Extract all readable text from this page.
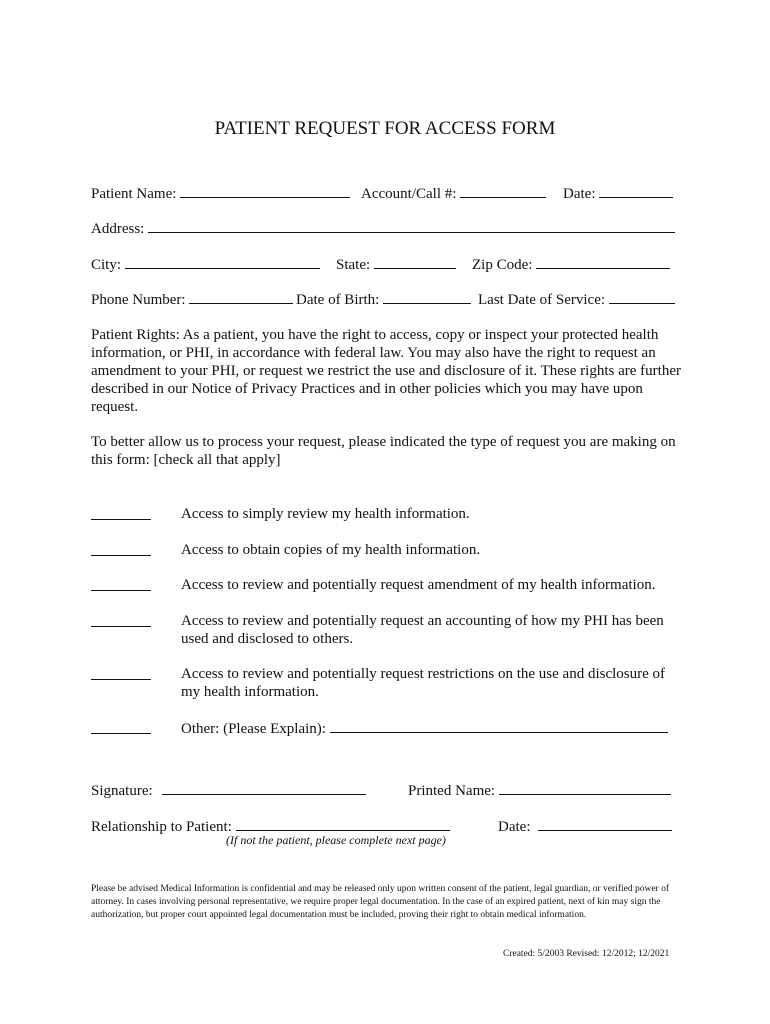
PATIENT REQUEST FOR ACCESS FORM
Patient Name:	Account/Call #:	Date:
Address:
City:	State:	Zip Code:
Phone Number:	Date of Birth:	Last Date of Service:
Patient Rights: As a patient, you have the right to access, copy or inspect your protected health information, or PHI, in accordance with federal law. You may also have the right to request an amendment to your PHI, or request we restrict the use and disclosure of it. These rights are further described in our Notice of Privacy Practices and in other policies which you may have upon request.
To better allow us to process your request, please indicated the type of request you are making on this form: [check all that apply]
Access to simply review my health information.
Access to obtain copies of my health information.
Access to review and potentially request amendment of my health information.
Access to review and potentially request an accounting of how my PHI has been used and disclosed to others.
Access to review and potentially request restrictions on the use and disclosure of my health information.
Other: (Please Explain):
Signature:	Printed Name:
Relationship to Patient:	Date:
(If not the patient, please complete next page)
Please be advised Medical Information is confidential and may be released only upon written consent of the patient, legal guardian, or verified power of attorney. In cases involving personal representative, we require proper legal documentation. In the case of an expired patient, next of kin may sign the authorization, but proper court appointed legal documentation must be included, proving their right to obtain medical information.
Created: 5/2003 Revised: 12/2012; 12/2021
